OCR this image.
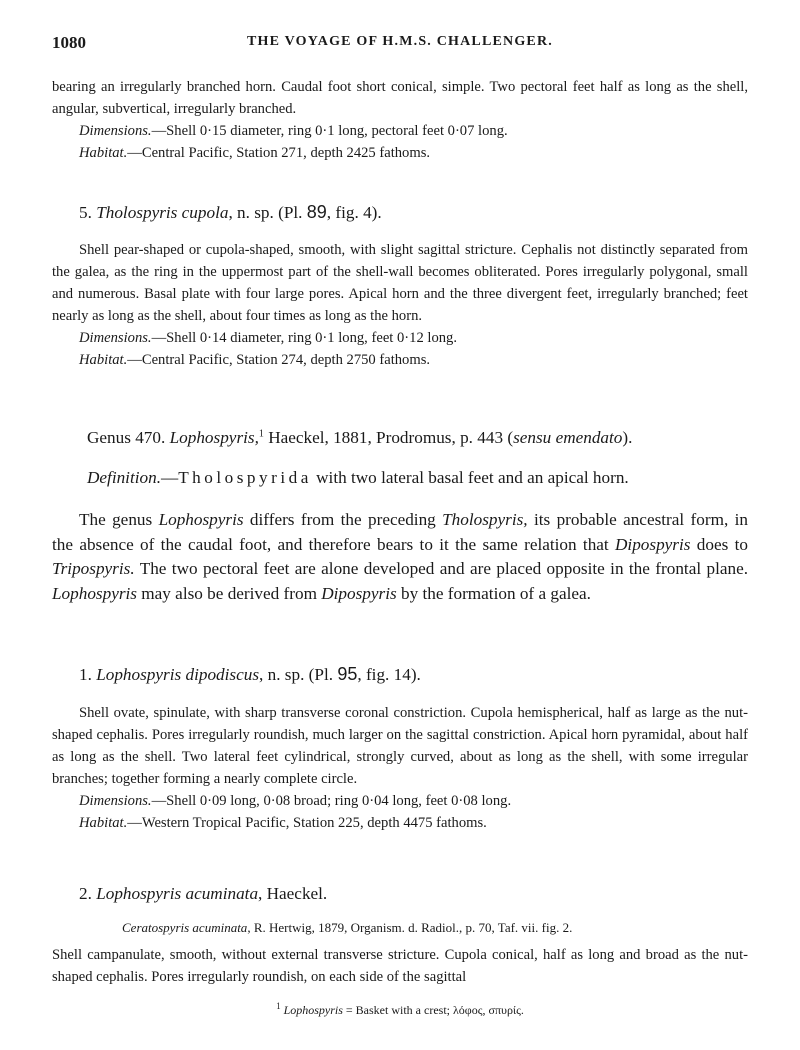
1080	THE VOYAGE OF H.M.S. CHALLENGER.

bearing an irregularly branched horn. Caudal foot short conical, simple. Two pectoral feet half as long as the shell, angular, subvertical, irregularly branched.

Dimensions.—Shell 0·15 diameter, ring 0·1 long, pectoral feet 0·07 long.

Habitat.—Central Pacific, Station 271, depth 2425 fathoms.

5. Tholospyris cupola, n. sp. (Pl. 89, fig. 4).

Shell pear-shaped or cupola-shaped, smooth, with slight sagittal stricture. Cephalis not distinctly separated from the galea, as the ring in the uppermost part of the shell-wall becomes obliterated. Pores irregularly polygonal, small and numerous. Basal plate with four large pores. Apical horn and the three divergent feet, irregularly branched; feet nearly as long as the shell, about four times as long as the horn.

Dimensions.—Shell 0·14 diameter, ring 0·1 long, feet 0·12 long.

Habitat.—Central Pacific, Station 274, depth 2750 fathoms.

Genus 470. Lophospyris,$^1$ Haeckel, 1881, Prodromus, p. 443 (sensu emendato).

Definition.—Tholospyrida with two lateral basal feet and an apical horn.

The genus Lophospyris differs from the preceding Tholospyris, its probable ancestral form, in the absence of the caudal foot, and therefore bears to it the same relation that Dipospyris does to Tripospyris. The two pectoral feet are alone developed and are placed opposite in the frontal plane. Lophospyris may also be derived from Dipospyris by the formation of a galea.

1. Lophospyris dipodiscus, n. sp. (Pl. 95, fig. 14).

Shell ovate, spinulate, with sharp transverse coronal constriction. Cupola hemispherical, half as large as the nut-shaped cephalis. Pores irregularly roundish, much larger on the sagittal constriction. Apical horn pyramidal, about half as long as the shell. Two lateral feet cylindrical, strongly curved, about as long as the shell, with some irregular branches; together forming a nearly complete circle.

Dimensions.—Shell 0·09 long, 0·08 broad; ring 0·04 long, feet 0·08 long.

Habitat.—Western Tropical Pacific, Station 225, depth 4475 fathoms.

2. Lophospyris acuminata, Haeckel.

Ceratospyris acuminata, R. Hertwig, 1879, Organism. d. Radiol., p. 70, Taf. vii. fig. 2.

Shell campanulate, smooth, without external transverse stricture. Cupola conical, half as long and broad as the nut-shaped cephalis. Pores irregularly roundish, on each side of the sagittal

$^1$ Lophospyris = Basket with a crest; λόφος, σπυρίς.
